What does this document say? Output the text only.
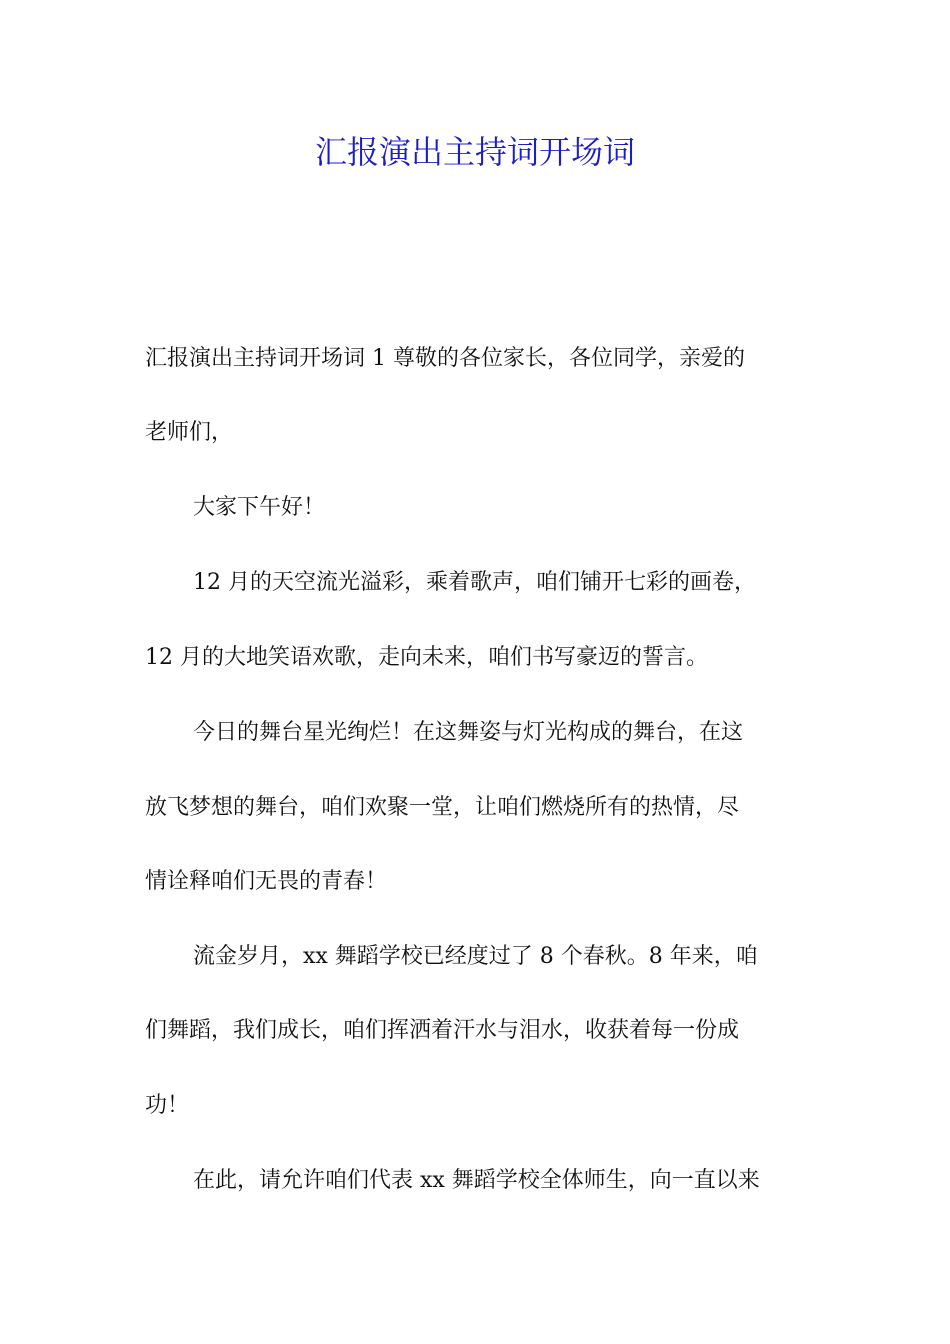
汇报演出主持词开场词
汇报演出主持词开场词 1 尊敬的各位家长，各位同学，亲爱的
老师们，
大家下午好！
12 月的天空流光溢彩，乘着歌声，咱们铺开七彩的画卷，
12 月的大地笑语欢歌，走向未来，咱们书写豪迈的誓言。
今日的舞台星光绚烂！在这舞姿与灯光构成的舞台，在这
放飞梦想的舞台，咱们欢聚一堂，让咱们燃烧所有的热情，尽
情诠释咱们无畏的青春！
流金岁月，xx 舞蹈学校已经度过了 8 个春秋。8 年来，咱
们舞蹈，我们成长，咱们挥洒着汗水与泪水，收获着每一份成
功！
在此，请允许咱们代表 xx 舞蹈学校全体师生，向一直以来
